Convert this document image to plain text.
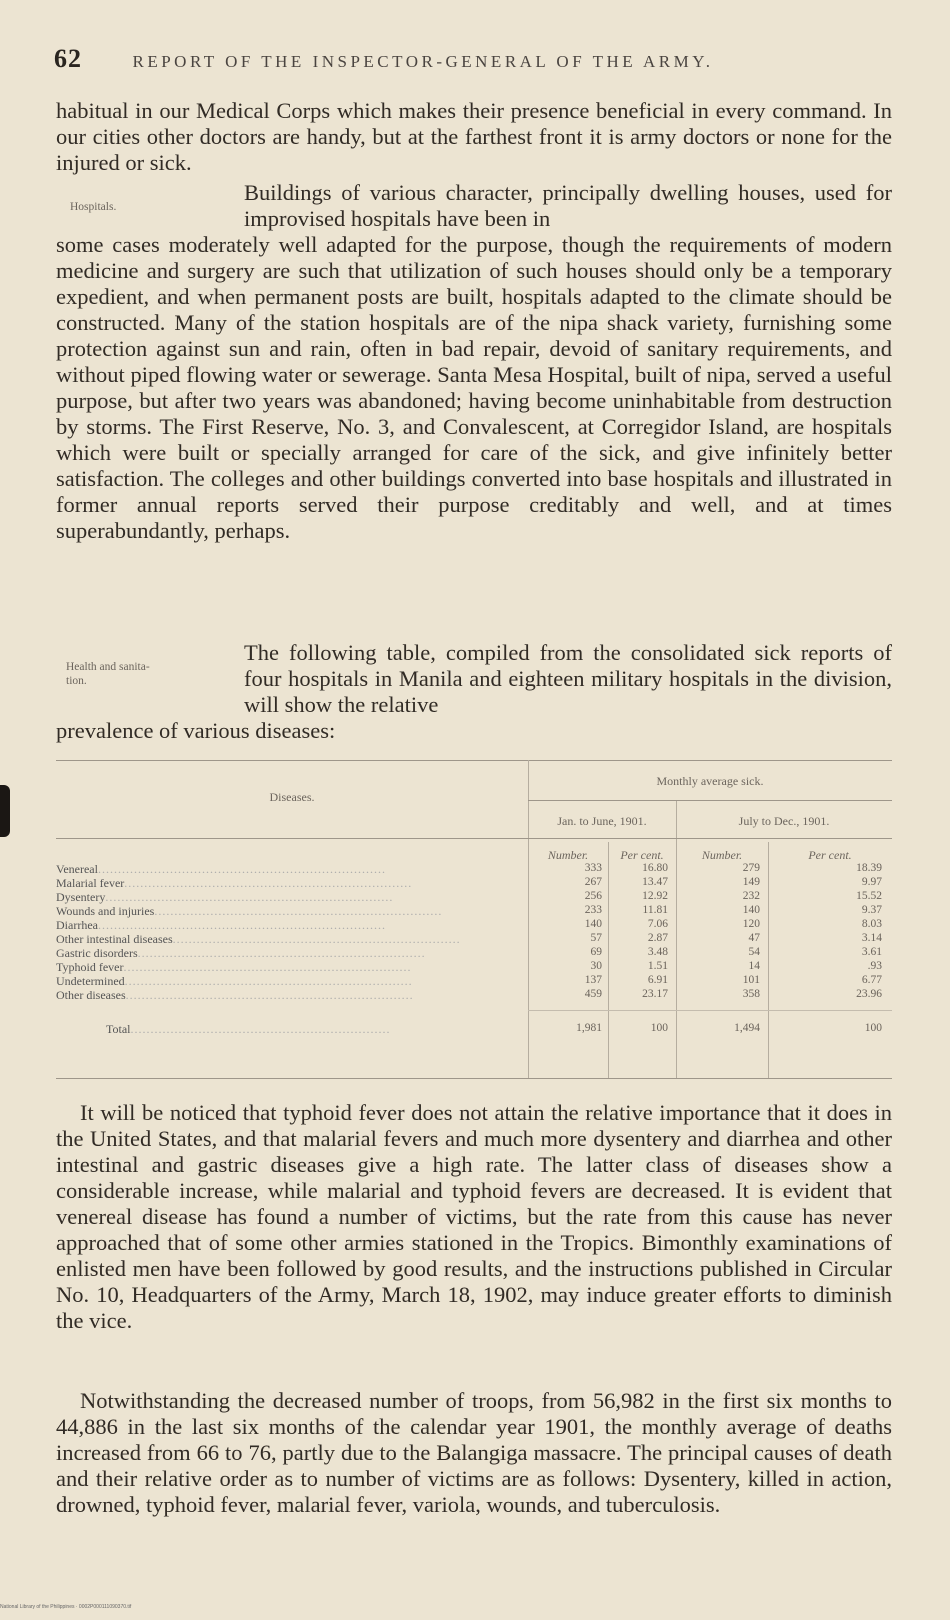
62	REPORT OF THE INSPECTOR-GENERAL OF THE ARMY.
habitual in our Medical Corps which makes their presence beneficial in every command. In our cities other doctors are handy, but at the farthest front it is army doctors or none for the injured or sick.
Hospitals.
Buildings of various character, principally dwelling houses, used for improvised hospitals have been in
some cases moderately well adapted for the purpose, though the requirements of modern medicine and surgery are such that utilization of such houses should only be a temporary expedient, and when permanent posts are built, hospitals adapted to the climate should be constructed. Many of the station hospitals are of the nipa shack variety, furnishing some protection against sun and rain, often in bad repair, devoid of sanitary requirements, and without piped flowing water or sewerage. Santa Mesa Hospital, built of nipa, served a useful purpose, but after two years was abandoned; having become uninhabitable from destruction by storms. The First Reserve, No. 3, and Convalescent, at Corregidor Island, are hospitals which were built or specially arranged for care of the sick, and give infinitely better satisfaction. The colleges and other buildings converted into base hospitals and illustrated in former annual reports served their purpose creditably and well, and at times superabundantly, perhaps.
Health and sanita-
tion.
The following table, compiled from the consolidated sick reports of four hospitals in Manila and eighteen military hospitals in the division, will show the relative
prevalence of various diseases:
Diseases.
Monthly average sick.
Jan. to June, 1901.	July to Dec., 1901.
Number.	Per cent.	Number.	Per cent.
Venereal........................................................................	333	16.80	279	18.39
Malarial fever........................................................................	267	13.47	149	9.97
Dysentery........................................................................	256	12.92	232	15.52
Wounds and injuries........................................................................	233	11.81	140	9.37
Diarrhea........................................................................	140	7.06	120	8.03
Other intestinal diseases........................................................................	57	2.87	47	3.14
Gastric disorders........................................................................	69	3.48	54	3.61
Typhoid fever........................................................................	30	1.51	14	.93
Undetermined........................................................................	137	6.91	101	6.77
Other diseases........................................................................	459	23.17	358	23.96
Total.................................................................	1,981	100	1,494	100
It will be noticed that typhoid fever does not attain the relative importance that it does in the United States, and that malarial fevers and much more dysentery and diarrhea and other intestinal and gastric diseases give a high rate. The latter class of diseases show a considerable increase, while malarial and typhoid fevers are decreased. It is evident that venereal disease has found a number of victims, but the rate from this cause has never approached that of some other armies stationed in the Tropics. Bimonthly examinations of enlisted men have been followed by good results, and the instructions published in Circular No. 10, Headquarters of the Army, March 18, 1902, may induce greater efforts to diminish the vice.
Notwithstanding the decreased number of troops, from 56,982 in the first six months to 44,886 in the last six months of the calendar year 1901, the monthly average of deaths increased from 66 to 76, partly due to the Balangiga massacre. The principal causes of death and their relative order as to number of victims are as follows: Dysentery, killed in action, drowned, typhoid fever, malarial fever, variola, wounds, and tuberculosis.
National Library of the Philippines · 0002P000111090370.tif
